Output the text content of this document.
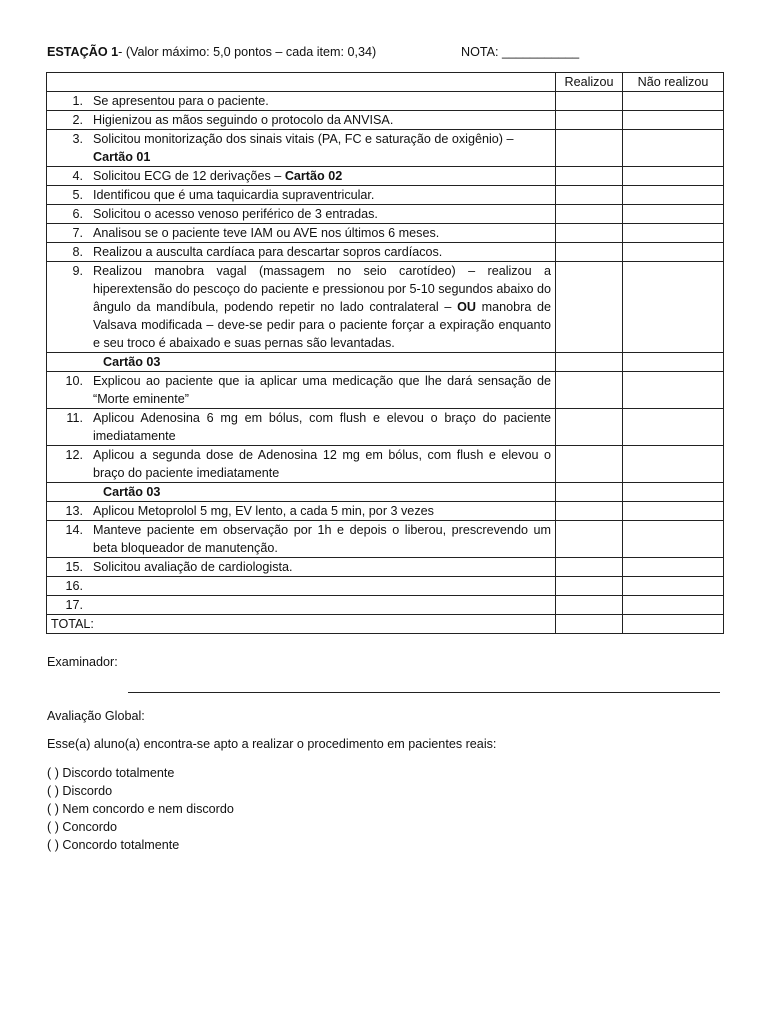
ESTAÇÃO 1- (Valor máximo: 5,0 pontos – cada item: 0,34)	NOTA: ___________
	Realizou	Não realizou

1. Se apresentou para o paciente.		

2. Higienizou as mãos seguindo o protocolo da ANVISA.		

3. Solicitou monitorização dos sinais vitais (PA, FC e saturação de oxigênio) –
Cartão 01		

4. Solicitou ECG de 12 derivações – Cartão 02		

5. Identificou que é uma taquicardia supraventricular.		

6. Solicitou o acesso venoso periférico de 3 entradas.		

7. Analisou se o paciente teve IAM ou AVE nos últimos 6 meses.		

8. Realizou a ausculta cardíaca para descartar sopros cardíacos.		

9. Realizou manobra vagal (massagem no seio carotídeo) – realizou a hiperextensão do pescoço do paciente e pressionou por 5-10 segundos abaixo do ângulo da mandíbula, podendo repetir no lado contralateral – OU manobra de Valsava modificada – deve-se pedir para o paciente forçar a expiração enquanto e seu troco é abaixado e suas pernas são levantadas.		

Cartão 03		

10. Explicou ao paciente que ia aplicar uma medicação que lhe dará sensação de “Morte eminente”		

11. Aplicou Adenosina 6 mg em bólus, com flush e elevou o braço do paciente imediatamente		

12. Aplicou a segunda dose de Adenosina 12 mg em bólus, com flush e elevou o braço do paciente imediatamente		

Cartão 03		

13. Aplicou Metoprolol 5 mg, EV lento, a cada 5 min, por 3 vezes		

14. Manteve paciente em observação por 1h e depois o liberou, prescrevendo um beta bloqueador de manutenção.		

15. Solicitou avaliação de cardiologista.		

16.		

17.		

TOTAL:		
Examinador:
Avaliação Global:
Esse(a) aluno(a) encontra-se apto a realizar o procedimento em pacientes reais:
( ) Discordo totalmente
( ) Discordo
( ) Nem concordo e nem discordo
( ) Concordo
( ) Concordo totalmente
